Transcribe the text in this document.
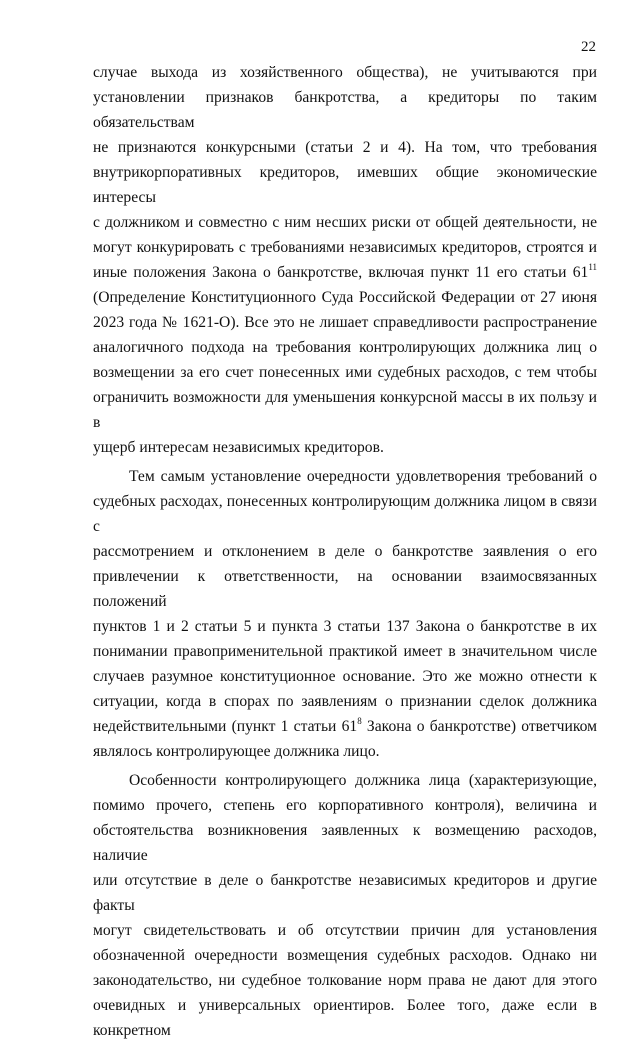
22

случае выхода из хозяйственного общества), не учитываются при
установлении признаков банкротства, а кредиторы по таким обязательствам
не признаются конкурсными (статьи 2 и 4). На том, что требования
внутрикорпоративных кредиторов, имевших общие экономические интересы
с должником и совместно с ним несших риски от общей деятельности, не
могут конкурировать с требованиями независимых кредиторов, строятся и
иные положения Закона о банкротстве, включая пункт 11 его статьи $61^{11}$
(Определение Конституционного Суда Российской Федерации от 27 июня
2023 года № 1621-О). Все это не лишает справедливости распространение
аналогичного подхода на требования контролирующих должника лиц о
возмещении за его счет понесенных ими судебных расходов, с тем чтобы
ограничить возможности для уменьшения конкурсной массы в их пользу и в
ущерб интересам независимых кредиторов.

Тем самым установление очередности удовлетворения требований о
судебных расходах, понесенных контролирующим должника лицом в связи с
рассмотрением и отклонением в деле о банкротстве заявления о его
привлечении к ответственности, на основании взаимосвязанных положений
пунктов 1 и 2 статьи 5 и пункта 3 статьи 137 Закона о банкротстве в их
понимании правоприменительной практикой имеет в значительном числе
случаев разумное конституционное основание. Это же можно отнести к
ситуации, когда в спорах по заявлениям о признании сделок должника
недействительными (пункт 1 статьи $61^8$ Закона о банкротстве) ответчиком
являлось контролирующее должника лицо.

Особенности контролирующего должника лица (характеризующие,
помимо прочего, степень его корпоративного контроля), величина и
обстоятельства возникновения заявленных к возмещению расходов, наличие
или отсутствие в деле о банкротстве независимых кредиторов и другие факты
могут свидетельствовать и об отсутствии причин для установления
обозначенной очередности возмещения судебных расходов. Однако ни
законодательство, ни судебное толкование норм права не дают для этого
очевидных и универсальных ориентиров. Более того, даже если в конкретном
